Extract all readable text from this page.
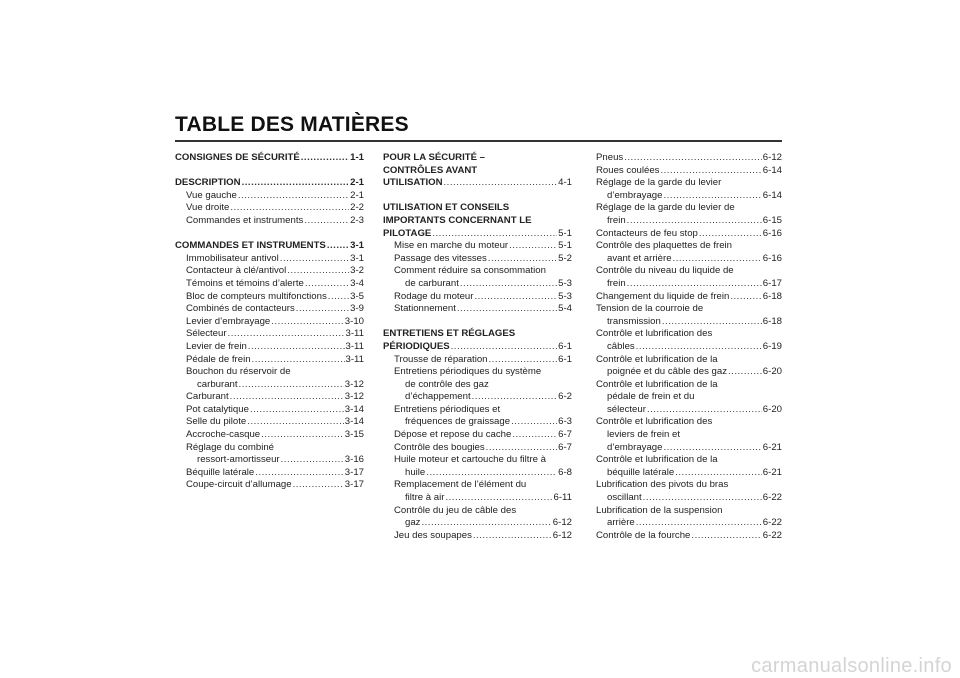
TABLE DES MATIÈRES
CONSIGNES DE SÉCURITÉ .....	1-1
DESCRIPTION .....	2-1
Vue gauche .....	2-1
Vue droite .....	2-2
Commandes et instruments .....	2-3
COMMANDES ET INSTRUMENTS .....	3-1
Immobilisateur antivol .....	3-1
Contacteur à clé/antivol .....	3-2
Témoins et témoins d’alerte .....	3-4
Bloc de compteurs multifonctions ..... 3-5
Combinés de contacteurs .....	3-9
Levier d’embrayage .....	3-10
Sélecteur .....	3-11
Levier de frein .....	3-11
Pédale de frein .....	3-11
Bouchon du réservoir de
carburant .....	3-12
Carburant .....	3-12
Pot catalytique .....	3-14
Selle du pilote .....	3-14
Accroche-casque .....	3-15
Réglage du combiné
ressort-amortisseur .....	3-16
Béquille latérale .....	3-17
Coupe-circuit d’allumage .....	3-17
POUR LA SÉCURITÉ –
CONTRÔLES AVANT
UTILISATION .....	4-1
UTILISATION ET CONSEILS
IMPORTANTS CONCERNANT LE
PILOTAGE .....	5-1
Mise en marche du moteur .....	5-1
Passage des vitesses .....	5-2
Comment réduire sa consommation
de carburant .....	5-3
Rodage du moteur .....	5-3
Stationnement .....	5-4
ENTRETIENS ET RÉGLAGES
PÉRIODIQUES .....	6-1
Trousse de réparation .....	6-1
Entretiens périodiques du système
de contrôle des gaz
d’échappement .....	6-2
Entretiens périodiques et
fréquences de graissage .....	6-3
Dépose et repose du cache .....	6-7
Contrôle des bougies .....	6-7
Huile moteur et cartouche du filtre à
huile .....	6-8
Remplacement de l’élément du
filtre à air .....	6-11
Contrôle du jeu de câble des
gaz .....	6-12
Jeu des soupapes .....	6-12
Pneus .....	6-12
Roues coulées .....	6-14
Réglage de la garde du levier
d’embrayage .....	6-14
Réglage de la garde du levier de
frein .....	6-15
Contacteurs de feu stop .....	6-16
Contrôle des plaquettes de frein
avant et arrière .....	6-16
Contrôle du niveau du liquide de
frein .....	6-17
Changement du liquide de frein .....	6-18
Tension de la courroie de
transmission .....	6-18
Contrôle et lubrification des
câbles .....	6-19
Contrôle et lubrification de la
poignée et du câble des gaz .....	6-20
Contrôle et lubrification de la
pédale de frein et du
sélecteur .....	6-20
Contrôle et lubrification des
leviers de frein et
d’embrayage .....	6-21
Contrôle et lubrification de la
béquille latérale .....	6-21
Lubrification des pivots du bras
oscillant .....	6-22
Lubrification de la suspension
arrière .....	6-22
Contrôle de la fourche .....	6-22
carmanualsonline.info
